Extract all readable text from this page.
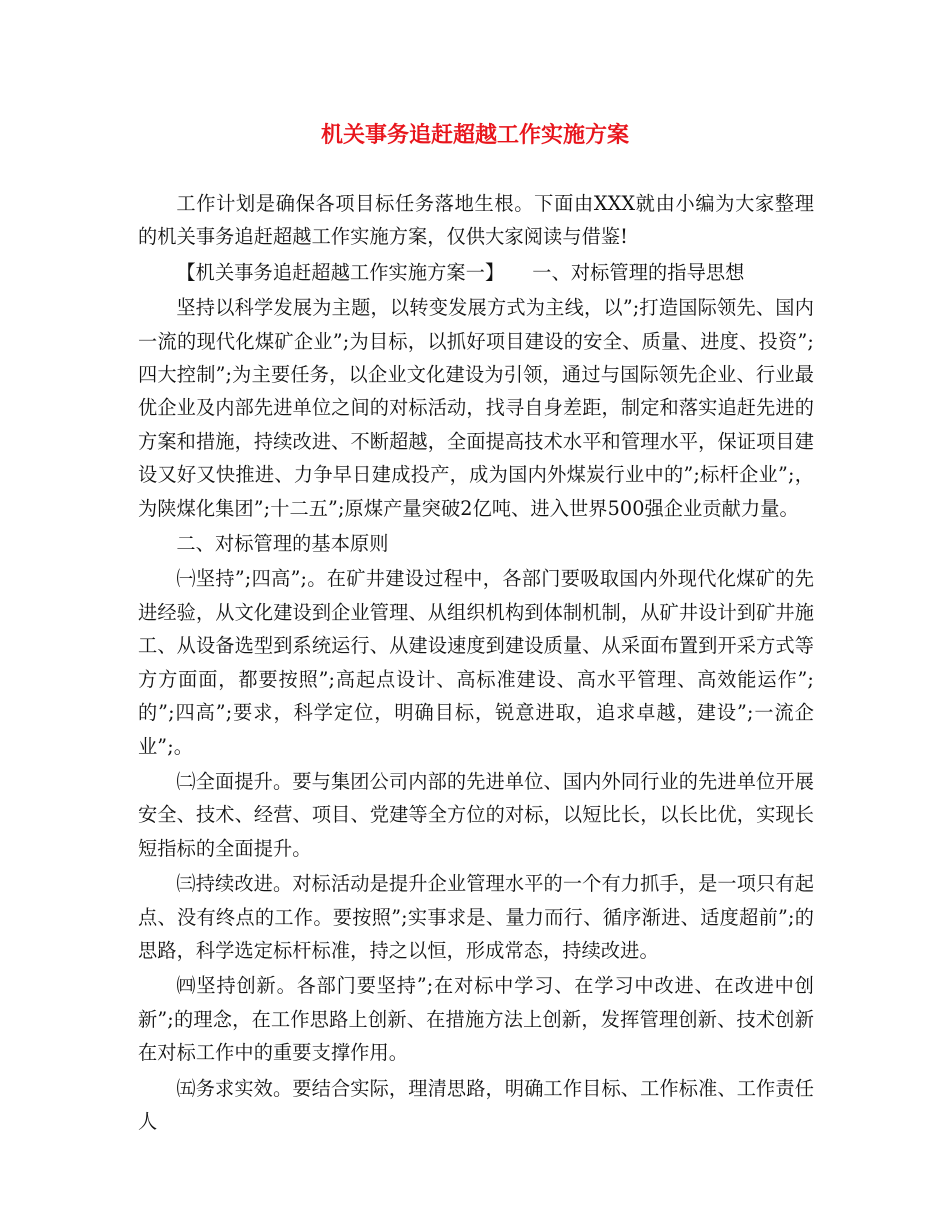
机关事务追赶超越工作实施方案

工作计划是确保各项目标任务落地生根。下面由XXX就由小编为大家整理的机关事务追赶超越工作实施方案，仅供大家阅读与借鉴!

【机关事务追赶超越工作实施方案一】 一、对标管理的指导思想

坚持以科学发展为主题，以转变发展方式为主线，以”;打造国际领先、国内一流的现代化煤矿企业”;为目标，以抓好项目建设的安全、质量、进度、投资”;四大控制”;为主要任务，以企业文化建设为引领，通过与国际领先企业、行业最优企业及内部先进单位之间的对标活动，找寻自身差距，制定和落实追赶先进的方案和措施，持续改进、不断超越，全面提高技术水平和管理水平，保证项目建设又好又快推进、力争早日建成投产，成为国内外煤炭行业中的”;标杆企业”;，为陕煤化集团”;十二五”;原煤产量突破2亿吨、进入世界500强企业贡献力量。

二、对标管理的基本原则

㈠坚持”;四高”;。在矿井建设过程中，各部门要吸取国内外现代化煤矿的先进经验，从文化建设到企业管理、从组织机构到体制机制，从矿井设计到矿井施工、从设备选型到系统运行、从建设速度到建设质量、从采面布置到开采方式等方方面面，都要按照”;高起点设计、高标准建设、高水平管理、高效能运作”;的”;四高”;要求，科学定位，明确目标，锐意进取，追求卓越，建设”;一流企业”;。

㈡全面提升。要与集团公司内部的先进单位、国内外同行业的先进单位开展安全、技术、经营、项目、党建等全方位的对标，以短比长，以长比优，实现长短指标的全面提升。

㈢持续改进。对标活动是提升企业管理水平的一个有力抓手，是一项只有起点、没有终点的工作。要按照”;实事求是、量力而行、循序渐进、适度超前”;的思路，科学选定标杆标准，持之以恒，形成常态，持续改进。

㈣坚持创新。各部门要坚持”;在对标中学习、在学习中改进、在改进中创新”;的理念，在工作思路上创新、在措施方法上创新，发挥管理创新、技术创新在对标工作中的重要支撑作用。

㈤务求实效。要结合实际，理清思路，明确工作目标、工作标准、工作责任人
